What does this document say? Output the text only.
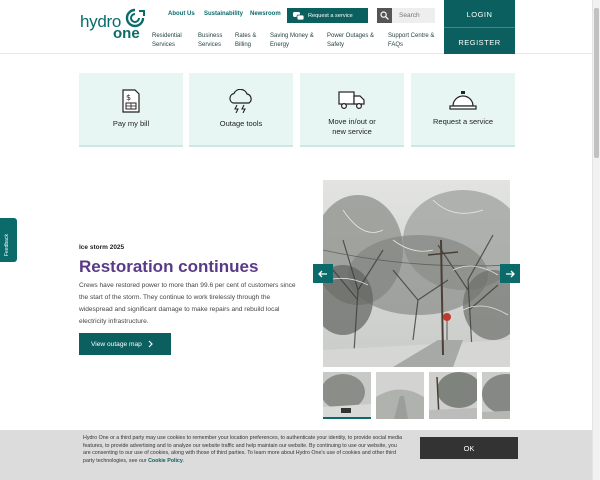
hydro
one
About Us Sustainability Newsroom	Request a service
Search
Residential
Services
Business
Services
Rates &
Billing
Saving Money &
Energy
Power Outages &
Safety
Support Centre &
FAQs
LOGIN
REGISTER
$
Pay my bill	Outage tools	Move in/out or
new service
Request a service
Feedback	Ice storm 2025
Restoration continues
Crews have restored power to more than 99.6 per cent of customers since the start of the storm. They continue to work tirelessly through the widespread and significant damage to make repairs and rebuild local electricity infrastructure.
View outage map
Hydro One or a third party may use cookies to remember your location preferences, to authenticate your identity, to provide social media features, to provide advertising and to analyze our website traffic and help maintain our website. By continuing to use our website, you are consenting to our use of cookies, along with those of third parties. To learn more about Hydro One's use of cookies and other third party technologies, see our Cookie Policy.
OK
